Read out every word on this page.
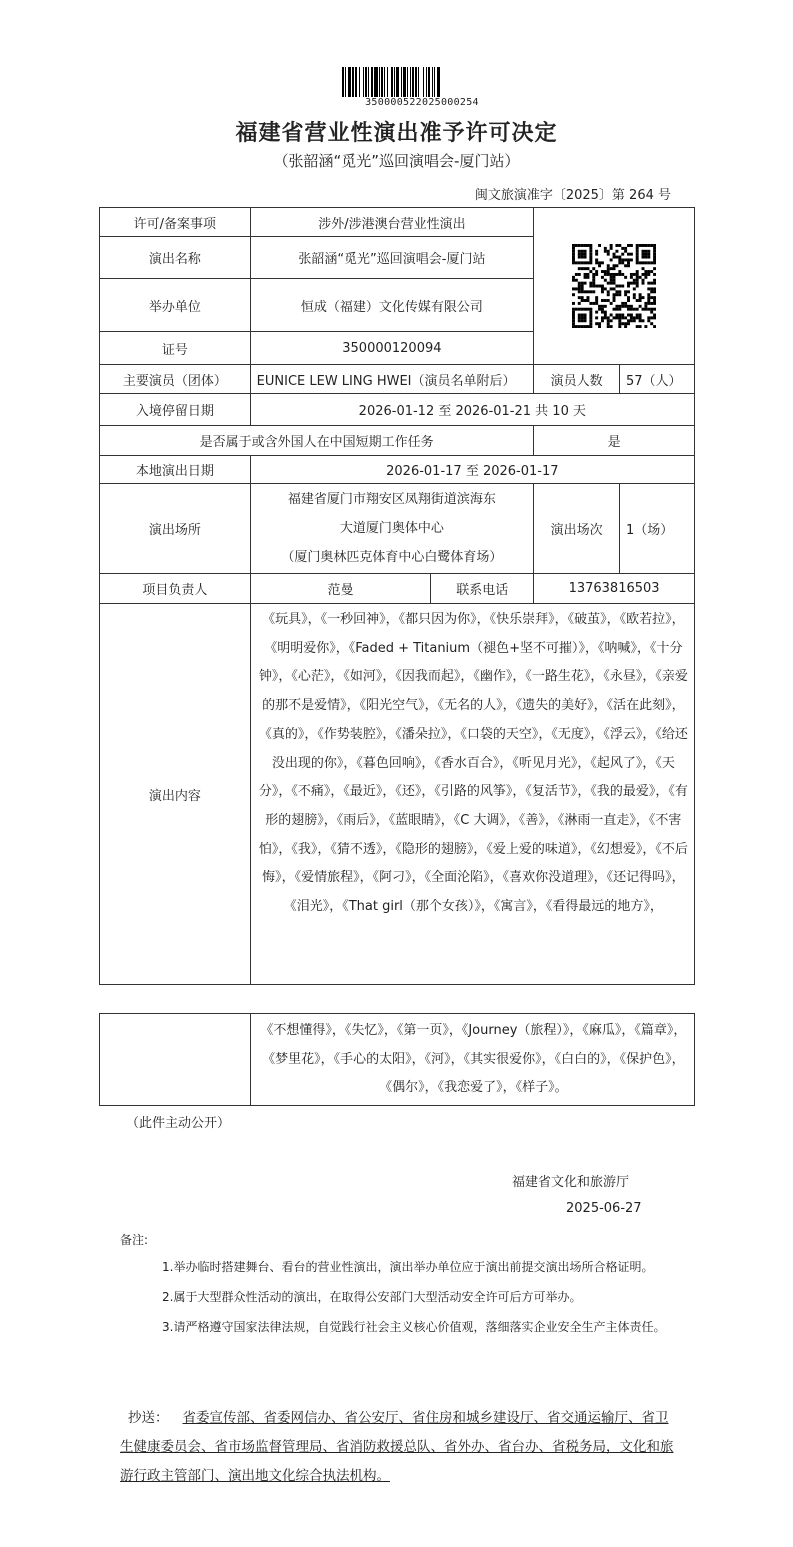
350000522025000254
福建省营业性演出准予许可决定
（张韶涵“觅光”巡回演唱会-厦门站）
闽文旅演准字〔2025〕第 264 号
许可/备案事项	涉外/涉港澳台营业性演出	

演出名称	张韶涵“觅光”巡回演唱会-厦门站			
举办单位	恒成（福建）文化传媒有限公司			
证号	350000120094			
主要演员（团体）	EUNICE LEW LING HWEI（演员名单附后）		演员人数	57（人）
入境停留日期	2026-01-12 至 2026-01-21 共 10 天			
是否属于或含外国人在中国短期工作任务			是	
本地演出日期	2026-01-17 至 2026-01-17			
演出场所	福建省厦门市翔安区凤翔街道滨海东
大道厦门奥体中心
（厦门奥林匹克体育中心白鹭体育场）		演出场次	1（场）
项目负责人	范曼	联系电话	13763816503	
演出内容	《玩具》，《一秒回神》，《都只因为你》，《快乐崇拜》，《破茧》，《欧若拉》，《明明爱你》，《Faded + Titanium（褪色+坚不可摧）》，《呐喊》，《十分钟》，《心茫》，《如河》，《因我而起》，《幽作》，《一路生花》，《永昼》，《亲爱的那不是爱情》，《阳光空气》，《无名的人》，《遗失的美好》，《活在此刻》，《真的》，《作势装腔》，《潘朵拉》，《口袋的天空》，《无度》，《浮云》，《给还没出现的你》，《暮色回响》，《香水百合》，《听见月光》，《起风了》，《天分》，《不痛》，《最近》，《还》，《引路的风筝》，《复活节》，《我的最爱》，《有形的翅膀》，《雨后》，《蓝眼睛》，《C 大调》，《善》，《淋雨一直走》，《不害怕》，《我》，《猜不透》，《隐形的翅膀》，《爱上爱的味道》，《幻想爱》，《不后悔》，《爱情旅程》，《阿刁》，《全面沦陷》，《喜欢你没道理》，《还记得吗》，《泪光》，《That girl（那个女孩）》，《寓言》，《看得最远的地方》，			
	《不想懂得》，《失忆》，《第一页》，《Journey（旅程）》，《麻瓜》，《篇章》，《梦里花》，《手心的太阳》，《河》，《其实很爱你》，《白白的》，《保护色》，《偶尔》，《我恋爱了》，《样子》。
（此件主动公开）
福建省文化和旅游厅
2025-06-27
备注:
1.举办临时搭建舞台、看台的营业性演出，演出举办单位应于演出前提交演出场所合格证明。
2.属于大型群众性活动的演出，在取得公安部门大型活动安全许可后方可举办。
3.请严格遵守国家法律法规，自觉践行社会主义核心价值观，落细落实企业安全生产主体责任。
抄送： 省委宣传部、省委网信办、省公安厅、省住房和城乡建设厅、省交通运输厅、省卫生健康委员会、省市场监督管理局、省消防救援总队、省外办、省台办、省税务局，文化和旅游行政主管部门、演出地文化综合执法机构。
